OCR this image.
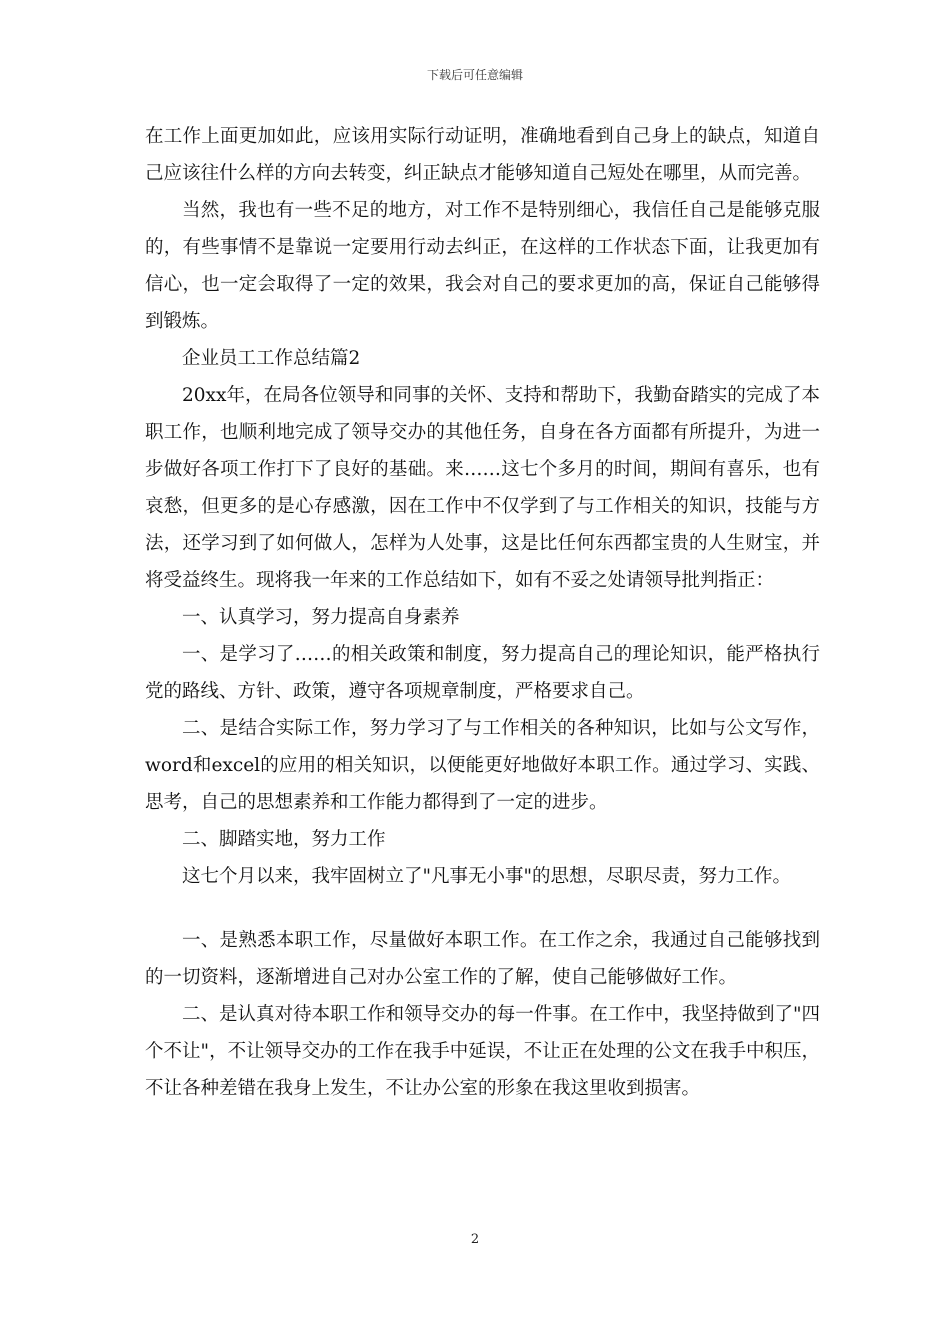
下载后可任意编辑

在工作上面更加如此，应该用实际行动证明，准确地看到自己身上的缺点，知道自己应该往什么样的方向去转变，纠正缺点才能够知道自己短处在哪里，从而完善。

当然，我也有一些不足的地方，对工作不是特别细心，我信任自己是能够克服的，有些事情不是靠说一定要用行动去纠正，在这样的工作状态下面，让我更加有信心，也一定会取得了一定的效果，我会对自己的要求更加的高，保证自己能够得到锻炼。

企业员工工作总结篇2

20xx年，在局各位领导和同事的关怀、支持和帮助下，我勤奋踏实的完成了本职工作，也顺利地完成了领导交办的其他任务，自身在各方面都有所提升，为进一步做好各项工作打下了良好的基础。来……这七个多月的时间，期间有喜乐，也有哀愁，但更多的是心存感激，因在工作中不仅学到了与工作相关的知识，技能与方法，还学习到了如何做人，怎样为人处事，这是比任何东西都宝贵的人生财宝，并将受益终生。现将我一年来的工作总结如下，如有不妥之处请领导批判指正：

一、认真学习，努力提高自身素养

一、是学习了……的相关政策和制度，努力提高自己的理论知识，能严格执行党的路线、方针、政策，遵守各项规章制度，严格要求自己。

二、是结合实际工作，努力学习了与工作相关的各种知识，比如与公文写作，word和excel的应用的相关知识，以便能更好地做好本职工作。通过学习、实践、思考，自己的思想素养和工作能力都得到了一定的进步。

二、脚踏实地，努力工作

这七个月以来，我牢固树立了"凡事无小事"的思想，尽职尽责，努力工作。

一、是熟悉本职工作，尽量做好本职工作。在工作之余，我通过自己能够找到的一切资料，逐渐增进自己对办公室工作的了解，使自己能够做好工作。

二、是认真对待本职工作和领导交办的每一件事。在工作中，我坚持做到了"四个不让"，不让领导交办的工作在我手中延误，不让正在处理的公文在我手中积压，不让各种差错在我身上发生，不让办公室的形象在我这里收到损害。

2
